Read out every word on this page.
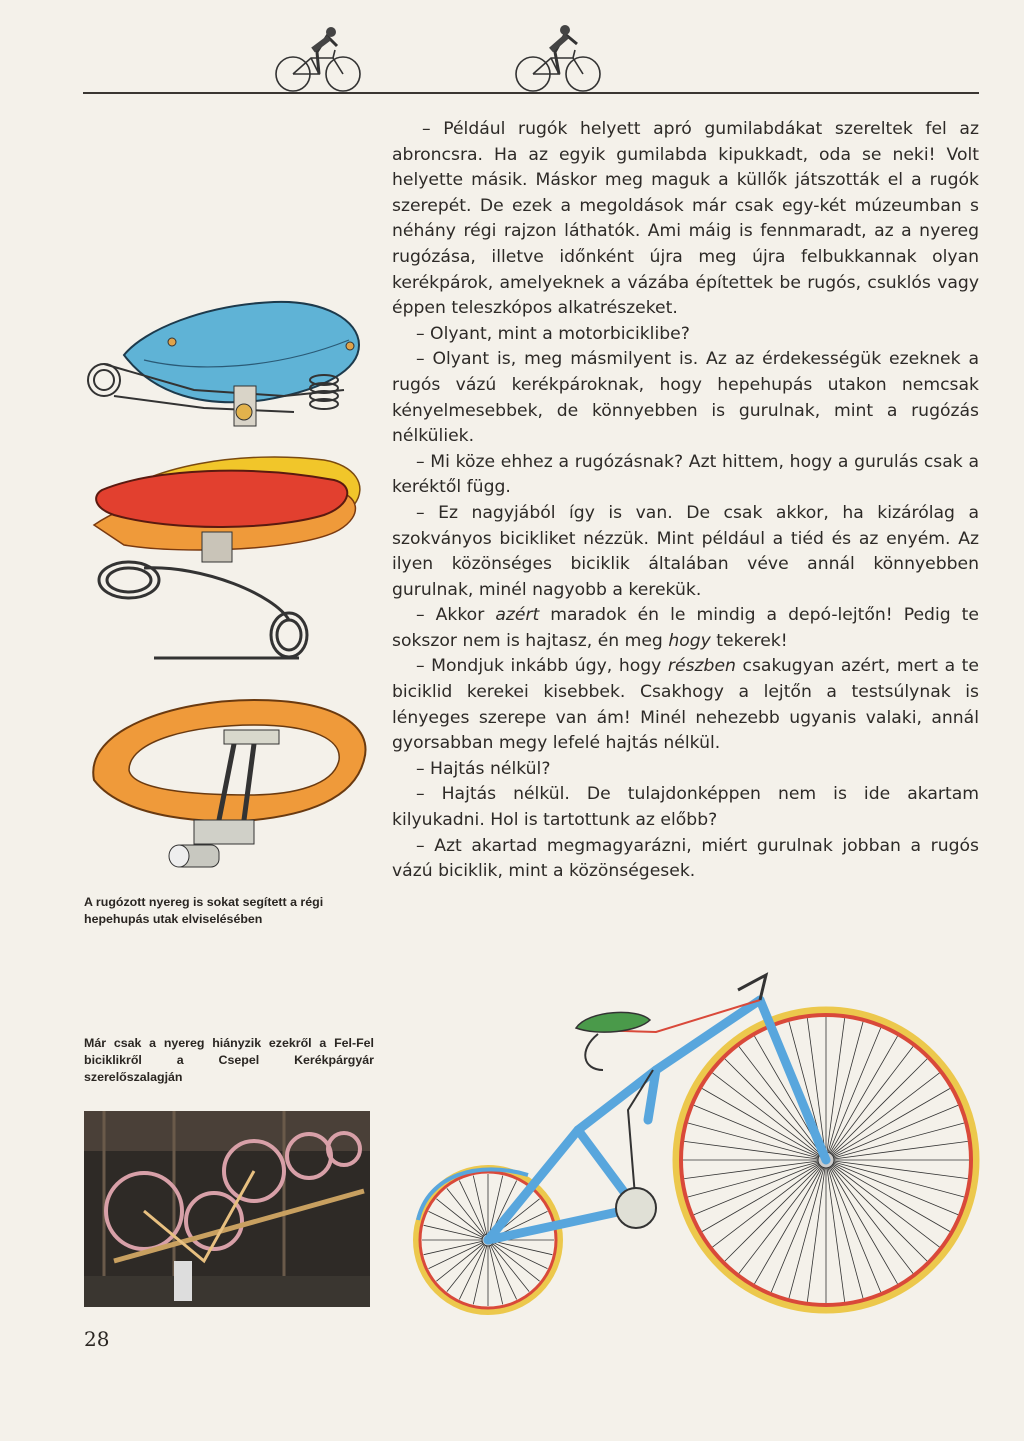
– Például rugók helyett apró gumilabdákat szereltek fel az abroncsra. Ha az egyik gumilabda kipukkadt, oda se neki! Volt helyette másik. Máskor meg maguk a küllők játszották el a rugók szerepét. De ezek a megoldások már csak egy-két múzeumban s néhány régi rajzon láthatók. Ami máig is fennmaradt, az a nyereg rugózása, illetve időnként újra meg újra felbukkannak olyan kerékpárok, amelyeknek a vázába építettek be rugós, csuklós vagy éppen teleszkópos alkatrészeket.

– Olyant, mint a motorbiciklibe?

– Olyant is, meg másmilyent is. Az az érdekességük ezeknek a rugós vázú kerékpároknak, hogy hepehupás utakon nemcsak kényelmesebbek, de könnyebben is gurulnak, mint a rugózás nélküliek.

– Mi köze ehhez a rugózásnak? Azt hittem, hogy a gurulás csak a keréktől függ.

– Ez nagyjából így is van. De csak akkor, ha kizárólag a szokványos bicikliket nézzük. Mint például a tiéd és az enyém. Az ilyen közönséges biciklik általában véve annál könnyebben gurulnak, minél nagyobb a kerekük.

– Akkor azért maradok én le mindig a depó-lejtőn! Pedig te sokszor nem is hajtasz, én meg hogy tekerek!

– Mondjuk inkább úgy, hogy részben csakugyan azért, mert a te biciklid kerekei kisebbek. Csakhogy a lejtőn a testsúlynak is lényeges szerepe van ám! Minél nehezebb ugyanis valaki, annál gyorsabban megy lefelé hajtás nélkül.

– Hajtás nélkül?

– Hajtás nélkül. De tulajdonképpen nem is ide akartam kilyukadni. Hol is tartottunk az előbb?

– Azt akartad megmagyarázni, miért gurulnak jobban a rugós vázú biciklik, mint a közönségesek.

A rugózott nyereg is sokat segített a régi hepehupás utak elviselésében
Már csak a nyereg hiányzik ezekről a Fel-Fel biciklikről a Csepel Kerékpárgyár szerelőszalagján
28
